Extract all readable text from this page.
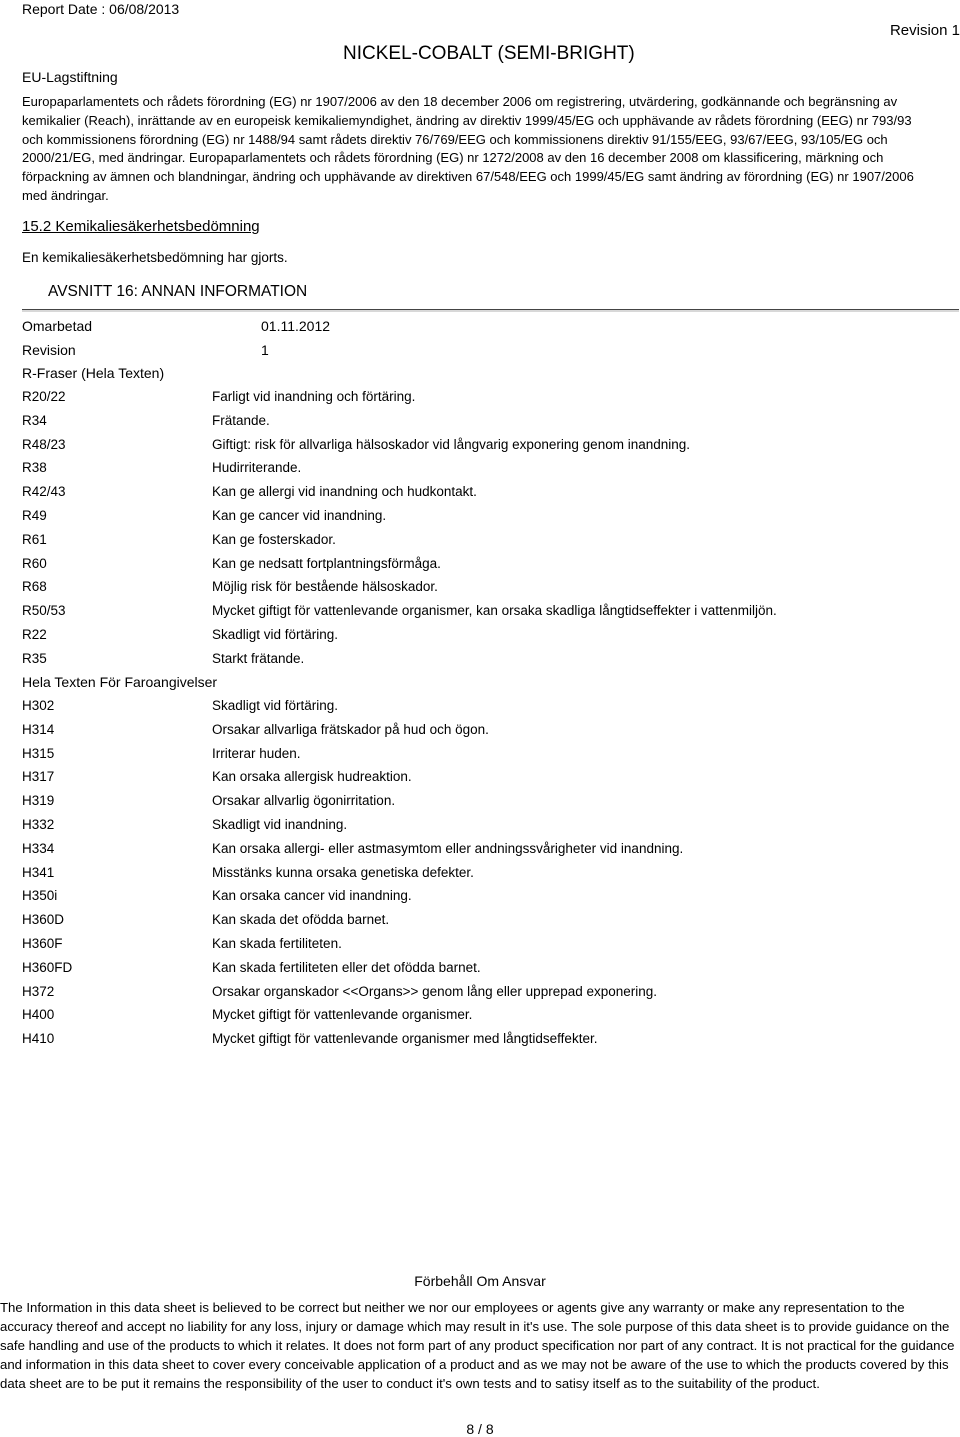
Report Date : 06/08/2013
Revision 1
NICKEL-COBALT (SEMI-BRIGHT)
EU-Lagstiftning
Europaparlamentets och rådets förordning (EG) nr 1907/2006 av den 18 december 2006 om registrering, utvärdering, godkännande och begränsning av kemikalier (Reach), inrättande av en europeisk kemikaliemyndighet, ändring av direktiv 1999/45/EG och upphävande av rådets förordning (EEG) nr 793/93 och kommissionens förordning (EG) nr 1488/94 samt rådets direktiv 76/769/EEG och kommissionens direktiv 91/155/EEG, 93/67/EEG, 93/105/EG och 2000/21/EG, med ändringar. Europaparlamentets och rådets förordning (EG) nr 1272/2008 av den 16 december 2008 om klassificering, märkning och förpackning av ämnen och blandningar, ändring och upphävande av direktiven 67/548/EEG och 1999/45/EG samt ändring av förordning (EG) nr 1907/2006 med ändringar.
15.2 Kemikaliesäkerhetsbedömning
En kemikaliesäkerhetsbedömning har gjorts.
AVSNITT 16: ANNAN INFORMATION
Omarbetad	01.11.2012
Revision	1
R-Fraser (Hela Texten)
R20/22	Farligt vid inandning och förtäring.
R34	Frätande.
R48/23	Giftigt: risk för allvarliga hälsoskador vid långvarig exponering genom inandning.
R38	Hudirriterande.
R42/43	Kan ge allergi vid inandning och hudkontakt.
R49	Kan ge cancer vid inandning.
R61	Kan ge fosterskador.
R60	Kan ge nedsatt fortplantningsförmåga.
R68	Möjlig risk för bestående hälsoskador.
R50/53	Mycket giftigt för vattenlevande organismer, kan orsaka skadliga långtidseffekter i vattenmiljön.
R22	Skadligt vid förtäring.
R35	Starkt frätande.
Hela Texten För Faroangivelser
H302	Skadligt vid förtäring.
H314	Orsakar allvarliga frätskador på hud och ögon.
H315	Irriterar huden.
H317	Kan orsaka allergisk hudreaktion.
H319	Orsakar allvarlig ögonirritation.
H332	Skadligt vid inandning.
H334	Kan orsaka allergi- eller astmasymtom eller andningssvårigheter vid inandning.
H341	Misstänks kunna orsaka genetiska defekter.
H350i	Kan orsaka cancer vid inandning.
H360D	Kan skada det ofödda barnet.
H360F	Kan skada fertiliteten.
H360FD	Kan skada fertiliteten eller det ofödda barnet.
H372	Orsakar organskador <<Organs>> genom lång eller upprepad exponering.
H400	Mycket giftigt för vattenlevande organismer.
H410	Mycket giftigt för vattenlevande organismer med långtidseffekter.
Förbehåll Om Ansvar
The Information in this data sheet is believed to be correct but neither we nor our employees or agents give any warranty or make any representation to the accuracy thereof and accept no liability for any loss, injury or damage which may result in it's use. The sole purpose of this data sheet is to provide guidance on the safe handling and use of the products to which it relates. It does not form part of any product specification nor part of any contract. It is not practical for the guidance and information in this data sheet to cover every conceivable application of a product and as we may not be aware of the use to which the products covered by this data sheet are to be put it remains the responsibility of the user to conduct it's own tests and to satisy itself as to the suitability of the product.
8 / 8
